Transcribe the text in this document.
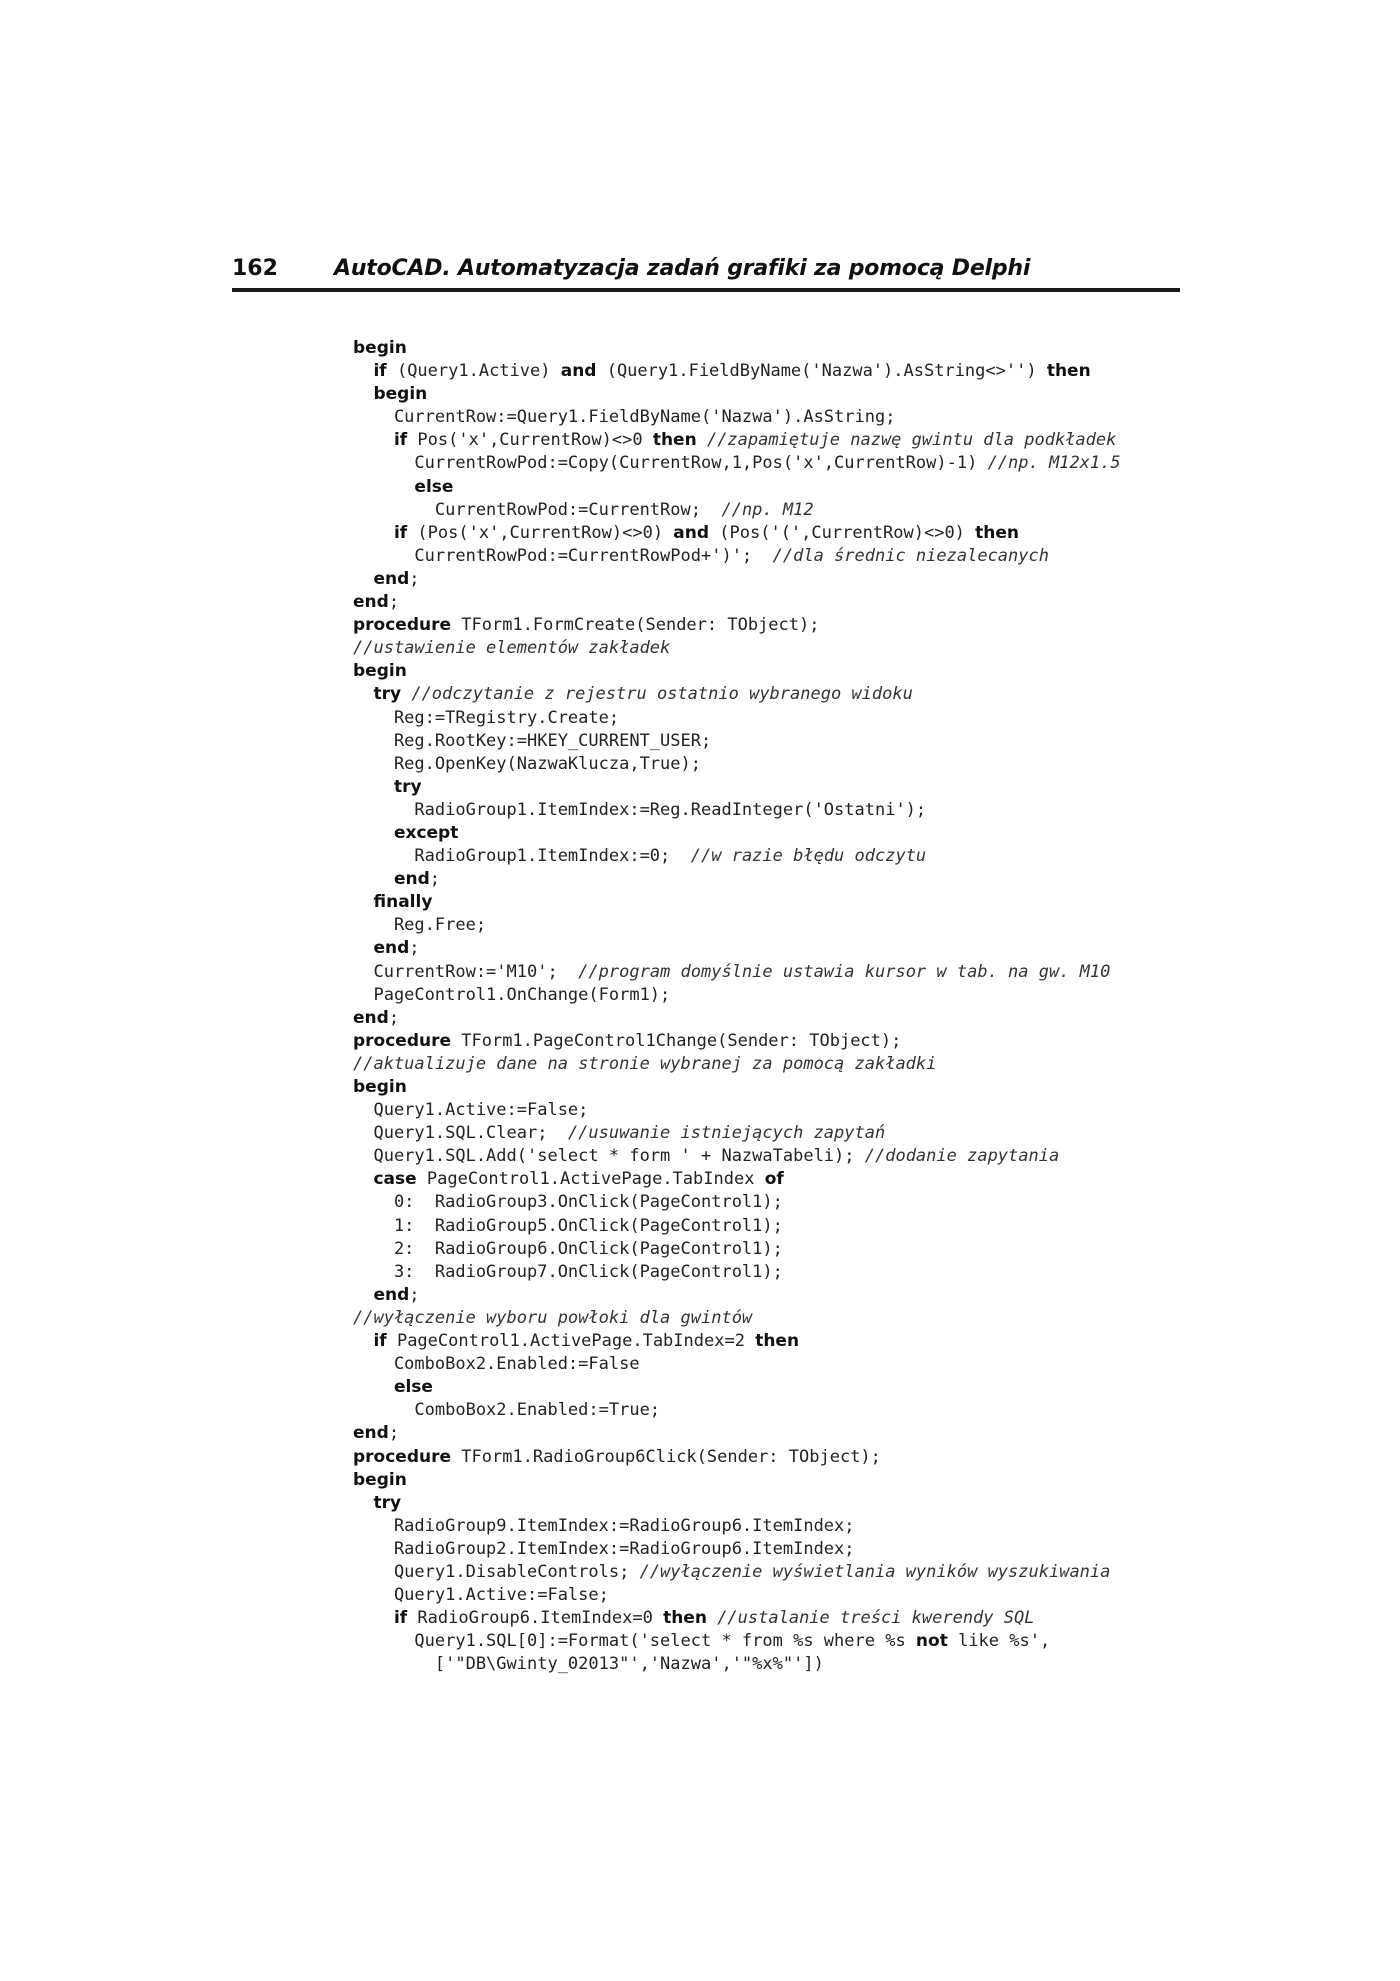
162	AutoCAD. Automatyzacja zadań grafiki za pomocą Delphi
begin
if (Query1.Active) and (Query1.FieldByName('Nazwa').AsString<>'') then
begin
CurrentRow:=Query1.FieldByName('Nazwa').AsString;
if Pos('x',CurrentRow)<>0 then //zapamiętuje nazwę gwintu dla podkładek
CurrentRowPod:=Copy(CurrentRow,1,Pos('x',CurrentRow)-1) //np. M12x1.5
else
CurrentRowPod:=CurrentRow;  //np. M12
if (Pos('x',CurrentRow)<>0) and (Pos('(',CurrentRow)<>0) then
CurrentRowPod:=CurrentRowPod+')';  //dla średnic niezalecanych
end;
end;
procedure TForm1.FormCreate(Sender: TObject);
//ustawienie elementów zakładek
begin
try //odczytanie z rejestru ostatnio wybranego widoku
Reg:=TRegistry.Create;
Reg.RootKey:=HKEY_CURRENT_USER;
Reg.OpenKey(NazwaKlucza,True);
try
RadioGroup1.ItemIndex:=Reg.ReadInteger('Ostatni');
except
RadioGroup1.ItemIndex:=0;  //w razie błędu odczytu
end;
finally
Reg.Free;
end;
CurrentRow:='M10';  //program domyślnie ustawia kursor w tab. na gw. M10
PageControl1.OnChange(Form1);
end;
procedure TForm1.PageControl1Change(Sender: TObject);
//aktualizuje dane na stronie wybranej za pomocą zakładki
begin
Query1.Active:=False;
Query1.SQL.Clear;  //usuwanie istniejących zapytań
Query1.SQL.Add('select * form ' + NazwaTabeli); //dodanie zapytania
case PageControl1.ActivePage.TabIndex of
0:  RadioGroup3.OnClick(PageControl1);
1:  RadioGroup5.OnClick(PageControl1);
2:  RadioGroup6.OnClick(PageControl1);
3:  RadioGroup7.OnClick(PageControl1);
end;
//wyłączenie wyboru powłoki dla gwintów
if PageControl1.ActivePage.TabIndex=2 then
ComboBox2.Enabled:=False
else
ComboBox2.Enabled:=True;
end;
procedure TForm1.RadioGroup6Click(Sender: TObject);
begin
try
RadioGroup9.ItemIndex:=RadioGroup6.ItemIndex;
RadioGroup2.ItemIndex:=RadioGroup6.ItemIndex;
Query1.DisableControls; //wyłączenie wyświetlania wyników wyszukiwania
Query1.Active:=False;
if RadioGroup6.ItemIndex=0 then //ustalanie treści kwerendy SQL
Query1.SQL[0]:=Format('select * from %s where %s not like %s',
['"DB\Gwinty_02013"','Nazwa','"%x%"'])
